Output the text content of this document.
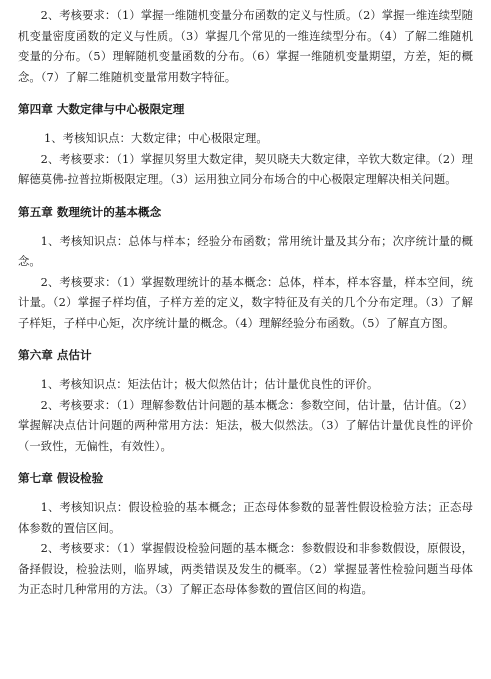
2、考核要求：（1）掌握一维随机变量分布函数的定义与性质。（2）掌握一维连续型随机变量密度函数的定义与性质。（3）掌握几个常见的一维连续型分布。（4）了解二维随机变量的分布。（5）理解随机变量函数的分布。（6）掌握一维随机变量期望，方差，矩的概念。（7）了解二维随机变量常用数字特征。

第四章 大数定律与中心极限定理

1、考核知识点：大数定律；中心极限定理。

2、考核要求：（1）掌握贝努里大数定律，契贝晓夫大数定律，辛钦大数定律。（2）理解德莫佛-拉普拉斯极限定理。（3）运用独立同分布场合的中心极限定理解决相关问题。

第五章 数理统计的基本概念

1、考核知识点：总体与样本；经验分布函数；常用统计量及其分布；次序统计量的概念。

2、考核要求：（1）掌握数理统计的基本概念：总体，样本，样本容量，样本空间，统计量。（2）掌握子样均值，子样方差的定义，数字特征及有关的几个分布定理。（3）了解子样矩，子样中心矩，次序统计量的概念。（4）理解经验分布函数。（5）了解直方图。

第六章 点估计

1、考核知识点：矩法估计；极大似然估计；估计量优良性的评价。

2、考核要求：（1）理解参数估计问题的基本概念：参数空间，估计量，估计值。（2）掌握解决点估计问题的两种常用方法：矩法，极大似然法。（3）了解估计量优良性的评价（一致性，无偏性，有效性）。

第七章 假设检验

1、考核知识点：假设检验的基本概念；正态母体参数的显著性假设检验方法；正态母体参数的置信区间。

2、考核要求：（1）掌握假设检验问题的基本概念：参数假设和非参数假设，原假设，备择假设，检验法则，临界域，两类错误及发生的概率。（2）掌握显著性检验问题当母体为正态时几种常用的方法。（3）了解正态母体参数的置信区间的构造。
